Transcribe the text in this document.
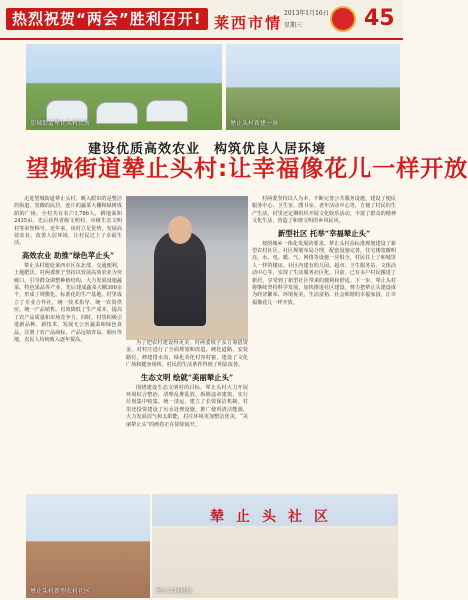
热烈祝贺“两会”胜利召开! 莱西市情
2013年1月16日
星期三	45
望城街道辇止头村民居	辇止头村新建一景
建设优质高效农业　构筑优良人居环境
望城街道辇止头村:让幸福像花儿一样开放

走进望城街道辇止头村，映入眼帘的是整洁的街道、宽敞的民居、连片的蔬菜大棚和绿树成荫的广场。全村共有农户1,786人，耕地面积2435亩，先后获得省级文明村、市级生态文明村等荣誉称号。近年来，该村立足优势，发展高效农业，改善人居环境，让村民过上了幸福生活。

高效农业 助推“绿色苹止头”

辇止头村地处莱西市区东北部，交通便利，土地肥沃。村两委班子坚持以发展高效农业为突破口，引导群众调整种植结构，大力发展设施蔬菜、特色果品等产业，先后建成蔬菜大棚300余个，形成了规模化、标准化的生产基地。村里成立了专业合作社，统一技术指导、统一农资供应、统一产品销售，有效降低了生产成本，提高了农产品质量和市场竞争力。同时，村里积极引进新品种、新技术，发展无公害蔬菜和绿色食品，注册了农产品商标，产品远销青岛、烟台等地，农民人均纯收入逐年提高。

为了把农村建设得更美，村两委班子多方筹措资金，对村庄进行了全面规划和改造。硬化道路、安装路灯、修建排水沟、绿化美化村容村貌，建设了文化广场和健身场所，村民的生活条件得到了明显改善。

生态文明 绘就“美丽辇止头”

围绕建设生态文明村的目标，辇止头村大力开展环境综合整治，清理乱堆乱放，拆除违章建筑，实行垃圾集中收集、统一清运，建立了长效保洁机制。村里还投资建设了污水处理设施，推广使用清洁能源，大力发展沼气和太阳能，村庄环境更加整洁优美，“美丽辇止头”的画卷正在徐徐展开。

村两委坚持以人为本，不断完善公共服务设施，建设了便民服务中心、卫生室、图书室、老年活动中心等，方便了村民的生产生活。村里还定期组织开展文化娱乐活动，丰富了群众的精神文化生活，营造了和谐文明的乡风民风。

新型社区 托举“幸福辇止头”

按照城乡一体化发展的要求，辇止头村高标准规划建设了新型农村社区。社区规划布局合理，配套设施完善，住宅楼宽敞明亮，水、电、暖、气、网络等设施一应俱全，村民住上了和城里人一样的楼房。社区内建有幼儿园、超市、卫生服务站、文体活动中心等，实现了生活服务社区化。目前，已有多户村民搬进了新居，享受到了新型社区带来的便利和舒适。下一步，辇止头村将继续坚持科学发展，加快推进社区建设，努力把辇止头建设成为经济繁荣、环境优美、生活富裕、社会和谐的幸福家园，让幸福像花儿一样开放。

辇止头村新型农村社区
辇止头社区
辇止头村村居
